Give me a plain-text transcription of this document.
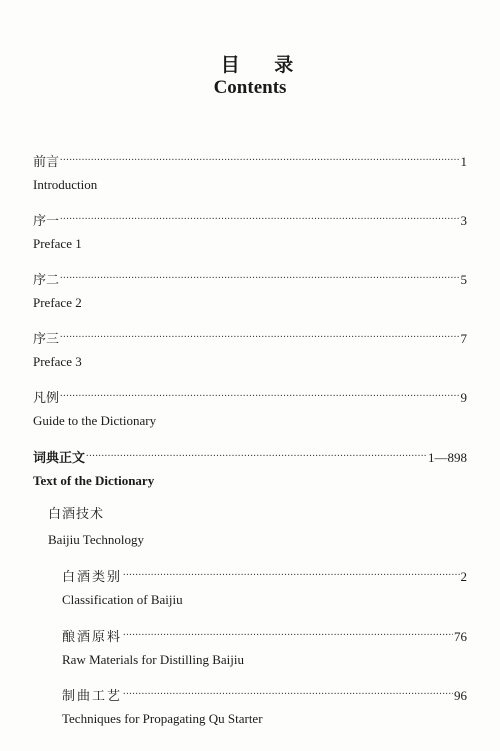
目 录
Contents
前言 .....	1
Introduction
序一 .....	3
Preface 1
序二 .....	5
Preface 2
序三 .....	7
Preface 3
凡例 .....	9
Guide to the Dictionary
词典正文 .....	1—898
Text of the Dictionary
白酒技术
Baijiu Technology
白酒类别 .....	2
Classification of Baijiu
酿酒原料 .....	76
Raw Materials for Distilling Baijiu
制曲工艺 .....	96
Techniques for Propagating Qu Starter
